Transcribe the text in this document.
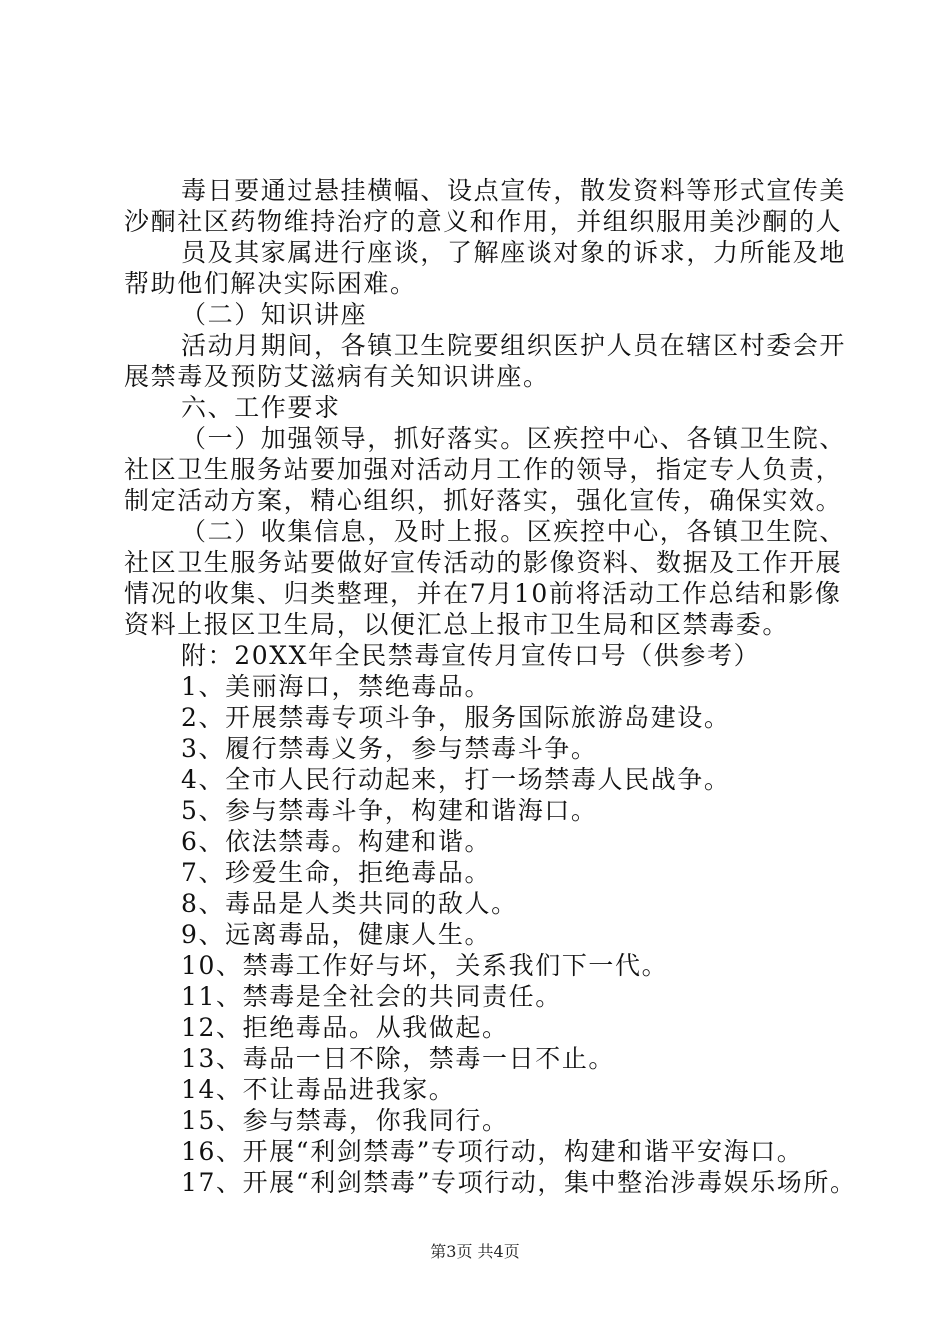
毒日要通过悬挂横幅、设点宣传，散发资料等形式宣传美
沙酮社区药物维持治疗的意义和作用，并组织服用美沙酮的人
员及其家属进行座谈，了解座谈对象的诉求，力所能及地
帮助他们解决实际困难。
（二）知识讲座
活动月期间，各镇卫生院要组织医护人员在辖区村委会开
展禁毒及预防艾滋病有关知识讲座。
六、工作要求
（一）加强领导，抓好落实。区疾控中心、各镇卫生院、
社区卫生服务站要加强对活动月工作的领导，指定专人负责，
制定活动方案，精心组织，抓好落实，强化宣传，确保实效。
（二）收集信息，及时上报。区疾控中心，各镇卫生院、
社区卫生服务站要做好宣传活动的影像资料、数据及工作开展
情况的收集、归类整理，并在7月10前将活动工作总结和影像
资料上报区卫生局，以便汇总上报市卫生局和区禁毒委。
附：20XX年全民禁毒宣传月宣传口号（供参考）
1、美丽海口，禁绝毒品。
2、开展禁毒专项斗争，服务国际旅游岛建设。
3、履行禁毒义务，参与禁毒斗争。
4、全市人民行动起来，打一场禁毒人民战争。
5、参与禁毒斗争，构建和谐海口。
6、依法禁毒。构建和谐。
7、珍爱生命，拒绝毒品。
8、毒品是人类共同的敌人。
9、远离毒品，健康人生。
10、禁毒工作好与坏，关系我们下一代。
11、禁毒是全社会的共同责任。
12、拒绝毒品。从我做起。
13、毒品一日不除，禁毒一日不止。
14、不让毒品进我家。
15、参与禁毒，你我同行。
16、开展“利剑禁毒”专项行动，构建和谐平安海口。
17、开展“利剑禁毒”专项行动，集中整治涉毒娱乐场所。
第3页 共4页
